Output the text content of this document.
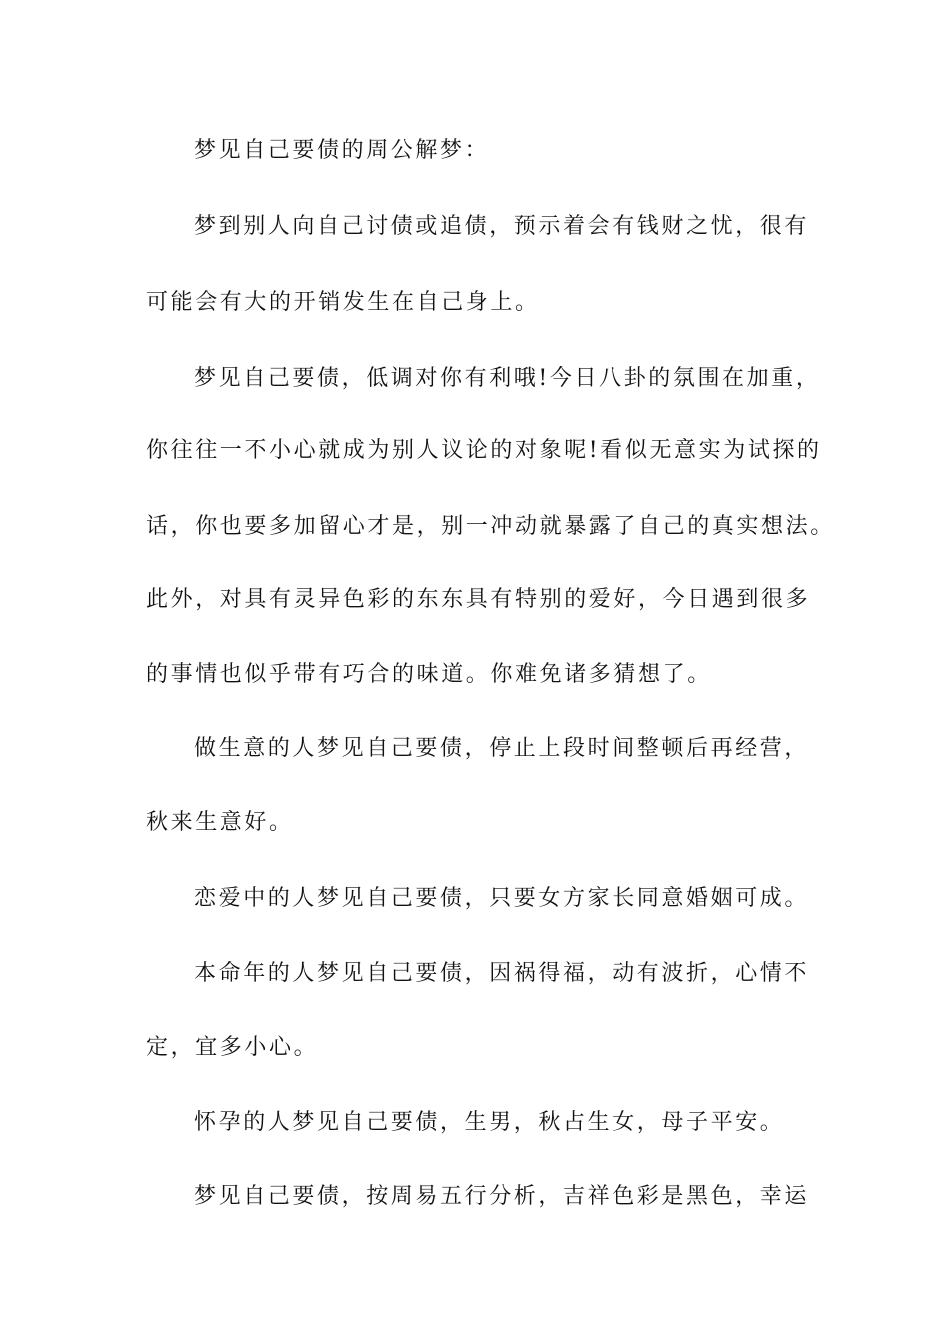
梦见自己要债的周公解梦：
梦到别人向自己讨债或追债，预示着会有钱财之忧，很有
可能会有大的开销发生在自己身上。
梦见自己要债，低调对你有利哦!今日八卦的氛围在加重，
你往往一不小心就成为别人议论的对象呢!看似无意实为试探的
话，你也要多加留心才是，别一冲动就暴露了自己的真实想法。
此外，对具有灵异色彩的东东具有特别的爱好，今日遇到很多
的事情也似乎带有巧合的味道。你难免诸多猜想了。
做生意的人梦见自己要债，停止上段时间整顿后再经营，
秋来生意好。
恋爱中的人梦见自己要债，只要女方家长同意婚姻可成。
本命年的人梦见自己要债，因祸得福，动有波折，心情不
定，宜多小心。
怀孕的人梦见自己要债，生男，秋占生女，母子平安。
梦见自己要债，按周易五行分析，吉祥色彩是黑色，幸运
